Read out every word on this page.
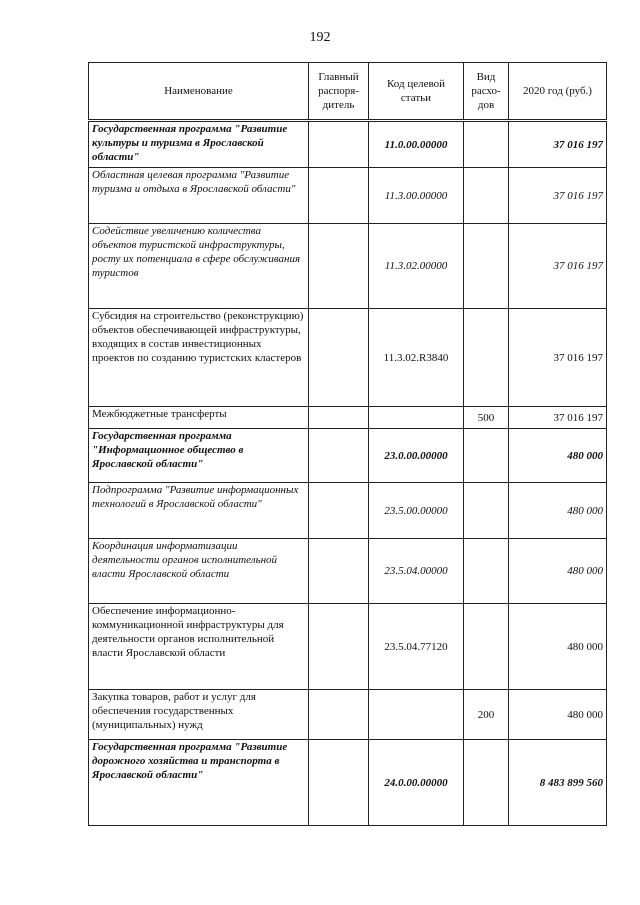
192
Наименование	Главный распоря-дитель	Код целевой статьи	Вид расхо-дов	2020 год (руб.)
Государственная программа "Развитие культуры и туризма в Ярославской области"		11.0.00.00000		37 016 197
Областная целевая программа "Развитие туризма и отдыха в Ярославской области"		11.3.00.00000		37 016 197
Содействие увеличению количества объектов туристской инфраструктуры, росту их потенциала в сфере обслуживания туристов		11.3.02.00000		37 016 197
Субсидия на строительство (реконструкцию) объектов обеспечивающей инфраструктуры, входящих в состав инвестиционных проектов по созданию туристских кластеров		11.3.02.R3840		37 016 197
Межбюджетные трансферты			500	37 016 197
Государственная программа "Информационное общество в Ярославской области"		23.0.00.00000		480 000
Подпрограмма "Развитие информационных технологий в Ярославской области"		23.5.00.00000		480 000
Координация информатизации деятельности органов исполнительной власти Ярославской области		23.5.04.00000		480 000
Обеспечение информационно-коммуникационной инфраструктуры для деятельности органов исполнительной власти Ярославской области		23.5.04.77120		480 000
Закупка товаров, работ и услуг для обеспечения государственных (муниципальных) нужд			200	480 000
Государственная программа "Развитие дорожного хозяйства и транспорта в Ярославской области"		24.0.00.00000		8 483 899 560
